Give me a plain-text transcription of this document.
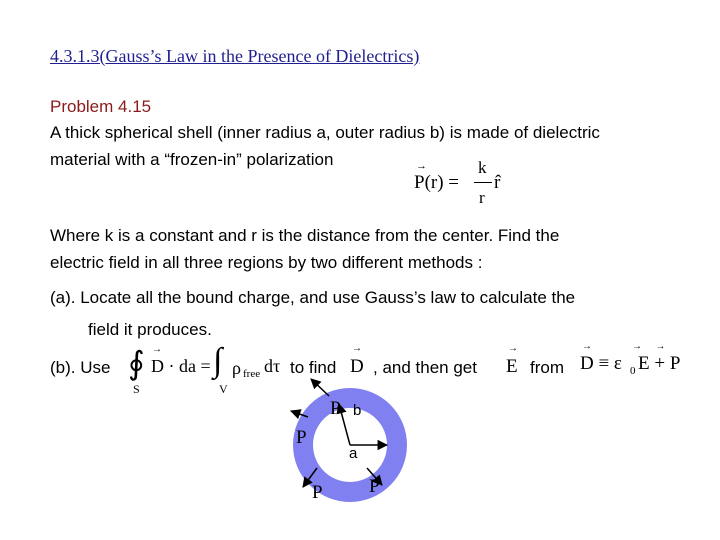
4.3.1.3(Gauss’s Law in the Presence of Dielectrics)
Problem 4.15
A thick spherical shell (inner radius a, outer radius b) is made of dielectric
material with a “frozen-in” polarization
P(r) =
→	k
r
r̂
Where k is a constant and r is the distance from the center. Find the
electric field in all three regions by two different methods :
(a). Locate all the bound charge, and use Gauss’s law to calculate the
field it produces.
(b). Use ∮
S
D · da =
→ ∫
V
ρ free dτ to find
→
D , and then get
→
E from D ≡ ε 0 E + P
→    →  →
P
P
P P
b
a
